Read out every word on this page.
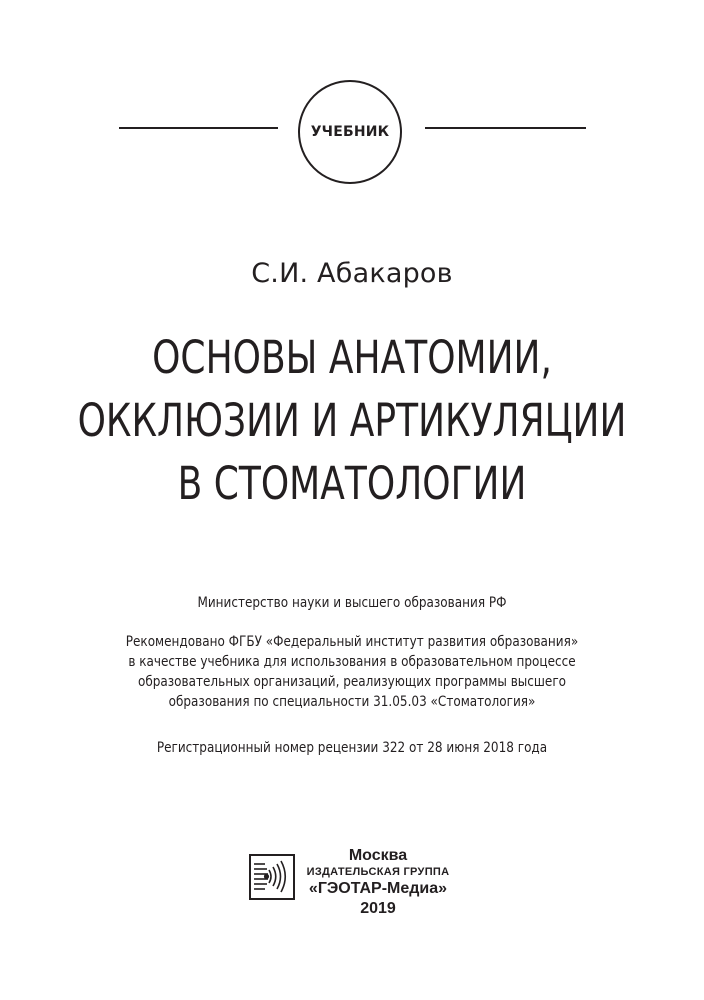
УЧЕБНИК
С.И. Абакаров
ОСНОВЫ АНАТОМИИ,
ОККЛЮЗИИ И АРТИКУЛЯЦИИ
В СТОМАТОЛОГИИ
Министерство науки и высшего образования РФ
Рекомендовано ФГБУ «Федеральный институт развития образования»
в качестве учебника для использования в образовательном процессе
образовательных организаций, реализующих программы высшего
образования по специальности 31.05.03 «Стоматология»
Регистрационный номер рецензии 322 от 28 июня 2018 года
Москва
ИЗДАТЕЛЬСКАЯ ГРУППА
«ГЭОТАР-Медиа»
2019
